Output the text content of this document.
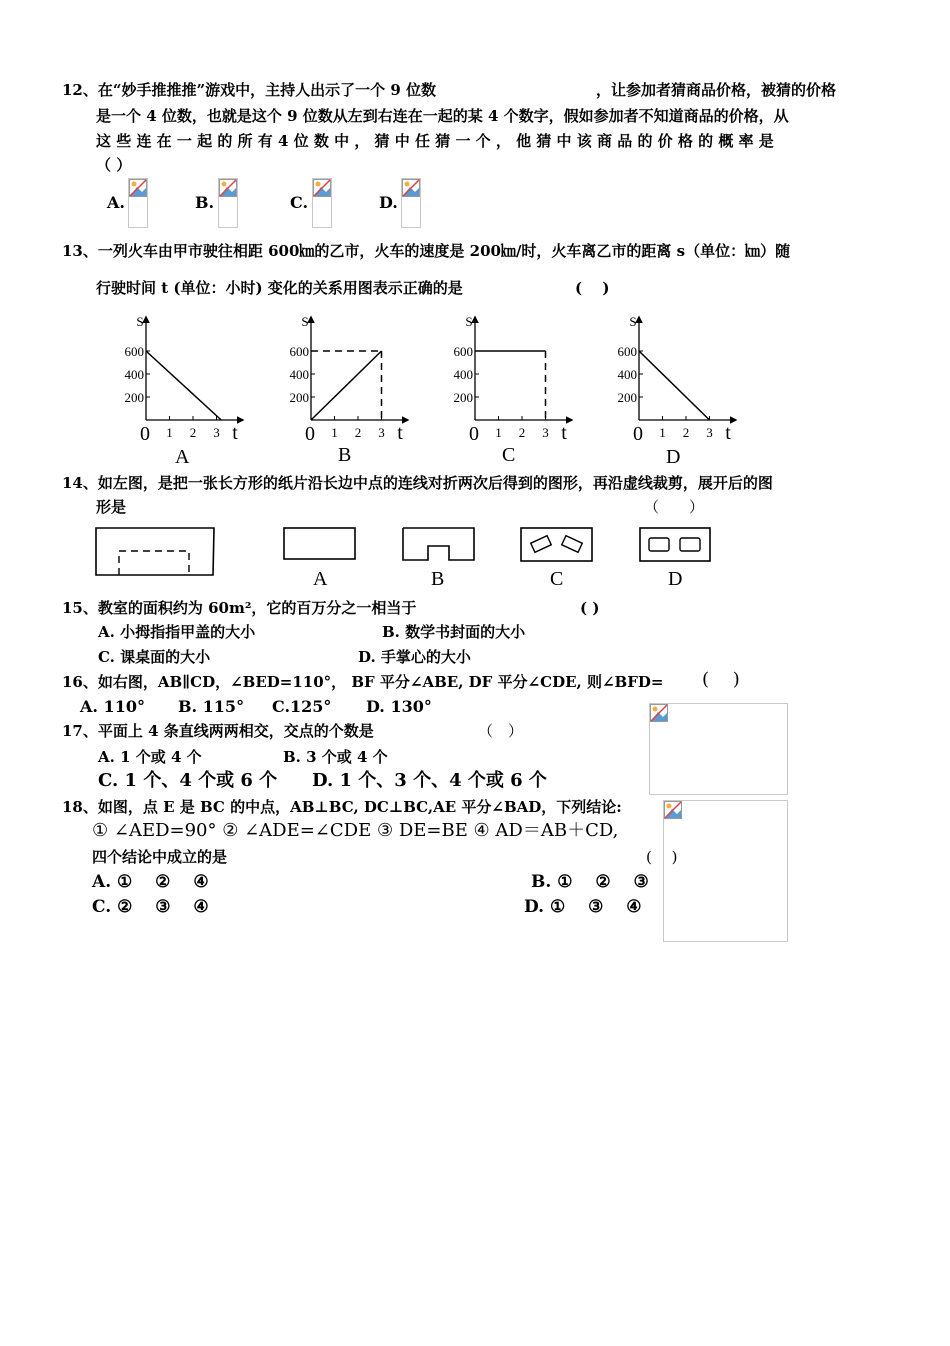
12、在“妙手推推推”游戏中，主持人出示了一个 9 位数	，让参加者猜商品价格，被猜的价格
是一个 4 位数，也就是这个 9 位数从左到右连在一起的某 4 个数字，假如参加者不知道商品的价格，从
这 些 连 在 一 起 的 所 有 4 位 数 中 ， 猜 中 任 猜 一 个 ， 他 猜 中 该 商 品 的 价 格 的 概 率 是
（ ）
A.	B.	C.	D.
13、一列火车由甲市驶往相距 600㎞的乙市，火车的速度是 200㎞/时，火车离乙市的距离 s（单位：㎞）随
行驶时间 t (单位：小时) 变化的关系用图表示正确的是	(　 )
S
t
0
600
400
200
1 2 3
S
t
0
600
400
200
1 2 3
S
t
0
600
400
200
1 2 3
S
t
0
600
400
200
1 2 3
A	B	C	D
14、如左图，是把一张长方形的纸片沿长边中点的连线对折两次后得到的图形，再沿虚线裁剪，展开后的图
形是	（　　）
A	B	C	D
15、教室的面积约为 60m²，它的百万分之一相当于	( )
A. 小拇指指甲盖的大小	B. 数学书封面的大小
C. 课桌面的大小	D. 手掌心的大小
16、如右图，AB∥CD，∠BED=110°， BF 平分∠ABE, DF 平分∠CDE, 则∠BFD= (　 )
A. 110° B. 115° C.125° D. 130°
17、平面上 4 条直线两两相交，交点的个数是	（　）
A. 1 个或 4 个	B. 3 个或 4 个
C. 1 个、4 个或 6 个 D. 1 个、3 个、4 个或 6 个
18、如图，点 E 是 BC 的中点，AB⊥BC, DC⊥BC,AE 平分∠BAD，下列结论:
① ∠AED=90° ② ∠ADE=∠CDE ③ DE=BE ④ AD＝AB＋CD,
四个结论中成立的是	(　 )
A. ①　 ②　 ④	B. ①　 ②　 ③
C. ②　 ③　 ④	D. ①　 ③　 ④
